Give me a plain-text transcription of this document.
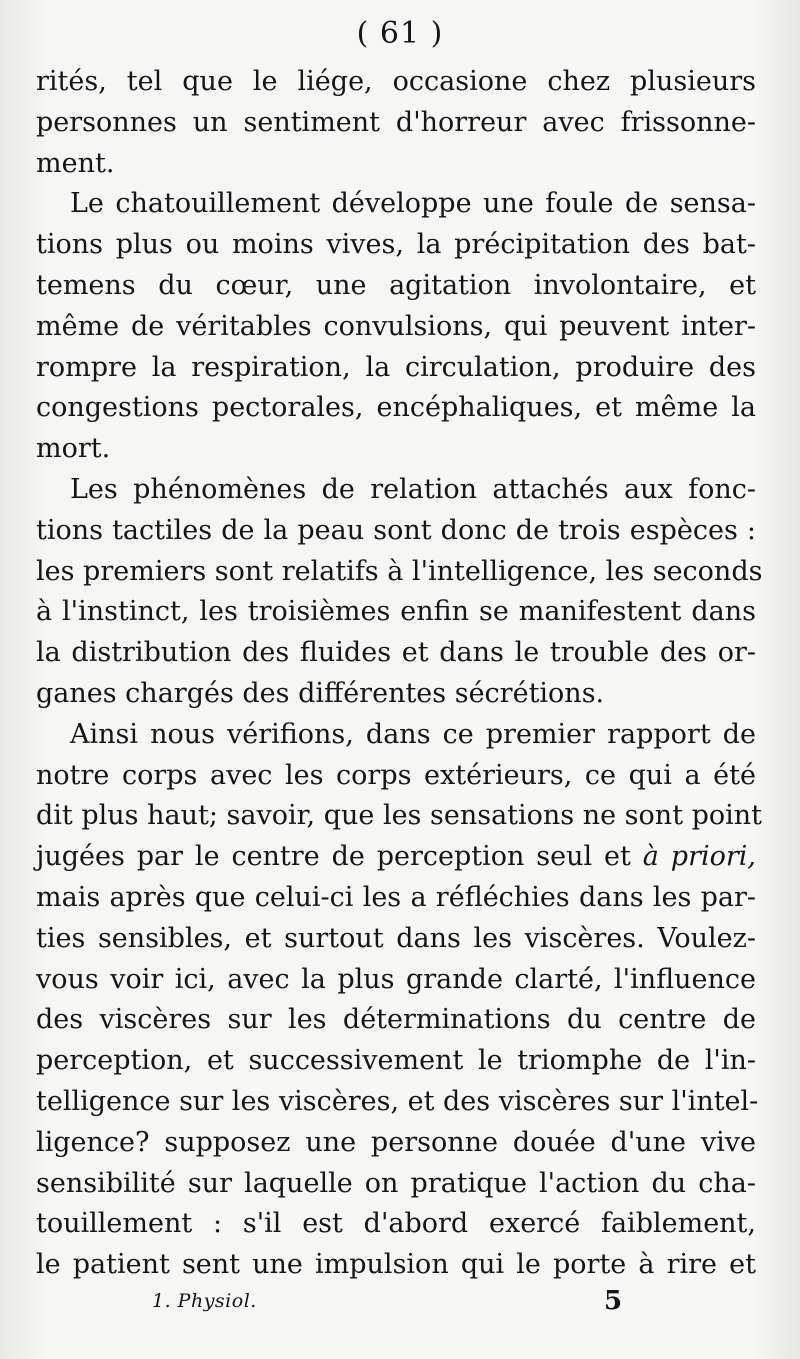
( 61 )
rités, tel que le liége, occasione chez plusieurs
personnes un sentiment d'horreur avec frissonne-
ment.
Le chatouillement développe une foule de sensa-
tions plus ou moins vives, la précipitation des bat-
temens du cœur, une agitation involontaire, et
même de véritables convulsions, qui peuvent inter-
rompre la respiration, la circulation, produire des
congestions pectorales, encéphaliques, et même la
mort.
Les phénomènes de relation attachés aux fonc-
tions tactiles de la peau sont donc de trois espèces :
les premiers sont relatifs à l'intelligence, les seconds
à l'instinct, les troisièmes enfin se manifestent dans
la distribution des fluides et dans le trouble des or-
ganes chargés des différentes sécrétions.
Ainsi nous vérifions, dans ce premier rapport de
notre corps avec les corps extérieurs, ce qui a été
dit plus haut; savoir, que les sensations ne sont point
jugées par le centre de perception seul et à priori,
mais après que celui-ci les a réfléchies dans les par-
ties sensibles, et surtout dans les viscères. Voulez-
vous voir ici, avec la plus grande clarté, l'influence
des viscères sur les déterminations du centre de
perception, et successivement le triomphe de l'in-
telligence sur les viscères, et des viscères sur l'intel-
ligence? supposez une personne douée d'une vive
sensibilité sur laquelle on pratique l'action du cha-
touillement : s'il est d'abord exercé faiblement,
le patient sent une impulsion qui le porte à rire et
1. Physiol.	5
